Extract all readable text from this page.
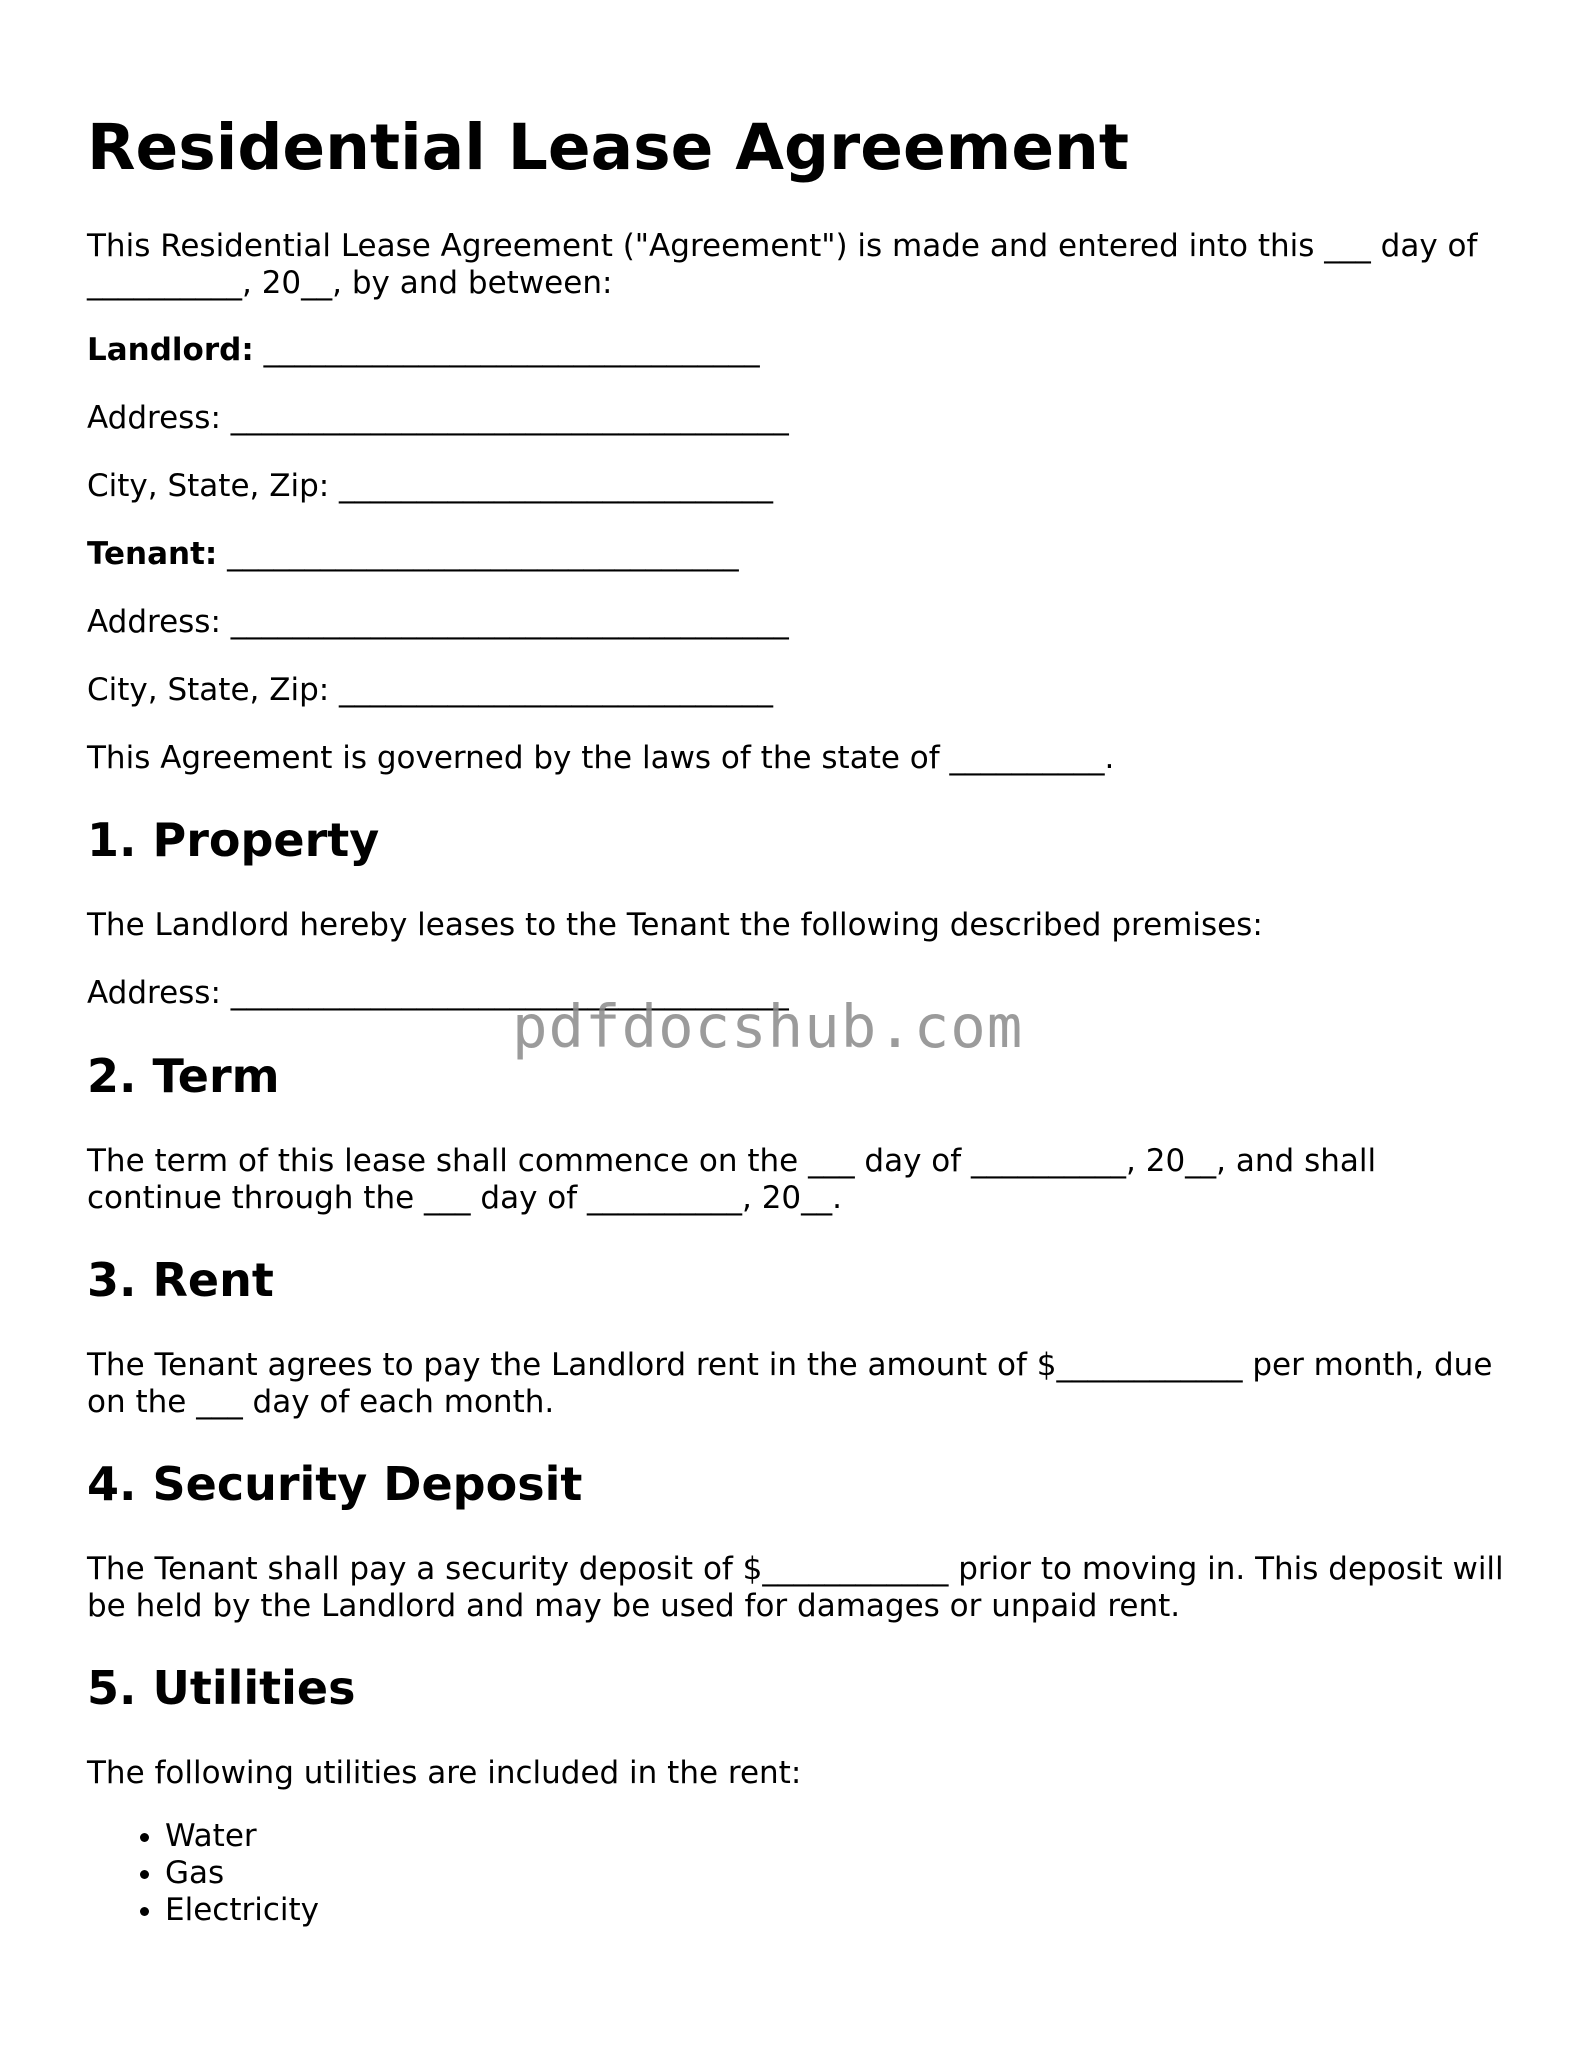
Residential Lease Agreement

This Residential Lease Agreement ("Agreement") is made and entered into this ___ day of __________, 20__, by and between:

Landlord: ________________________________

Address: ____________________________________

City, State, Zip: ____________________________

Tenant: _________________________________

Address: ____________________________________

City, State, Zip: ____________________________

This Agreement is governed by the laws of the state of __________.

1. Property

The Landlord hereby leases to the Tenant the following described premises:

Address: ____________________________________

2. Term

The term of this lease shall commence on the ___ day of __________, 20__, and shall continue through the ___ day of __________, 20__.

3. Rent

The Tenant agrees to pay the Landlord rent in the amount of $____________ per month, due on the ___ day of each month.

4. Security Deposit

The Tenant shall pay a security deposit of $____________ prior to moving in. This deposit will be held by the Landlord and may be used for damages or unpaid rent.

5. Utilities

The following utilities are included in the rent:

• Water
• Gas
• Electricity
pdfdocshub.com
